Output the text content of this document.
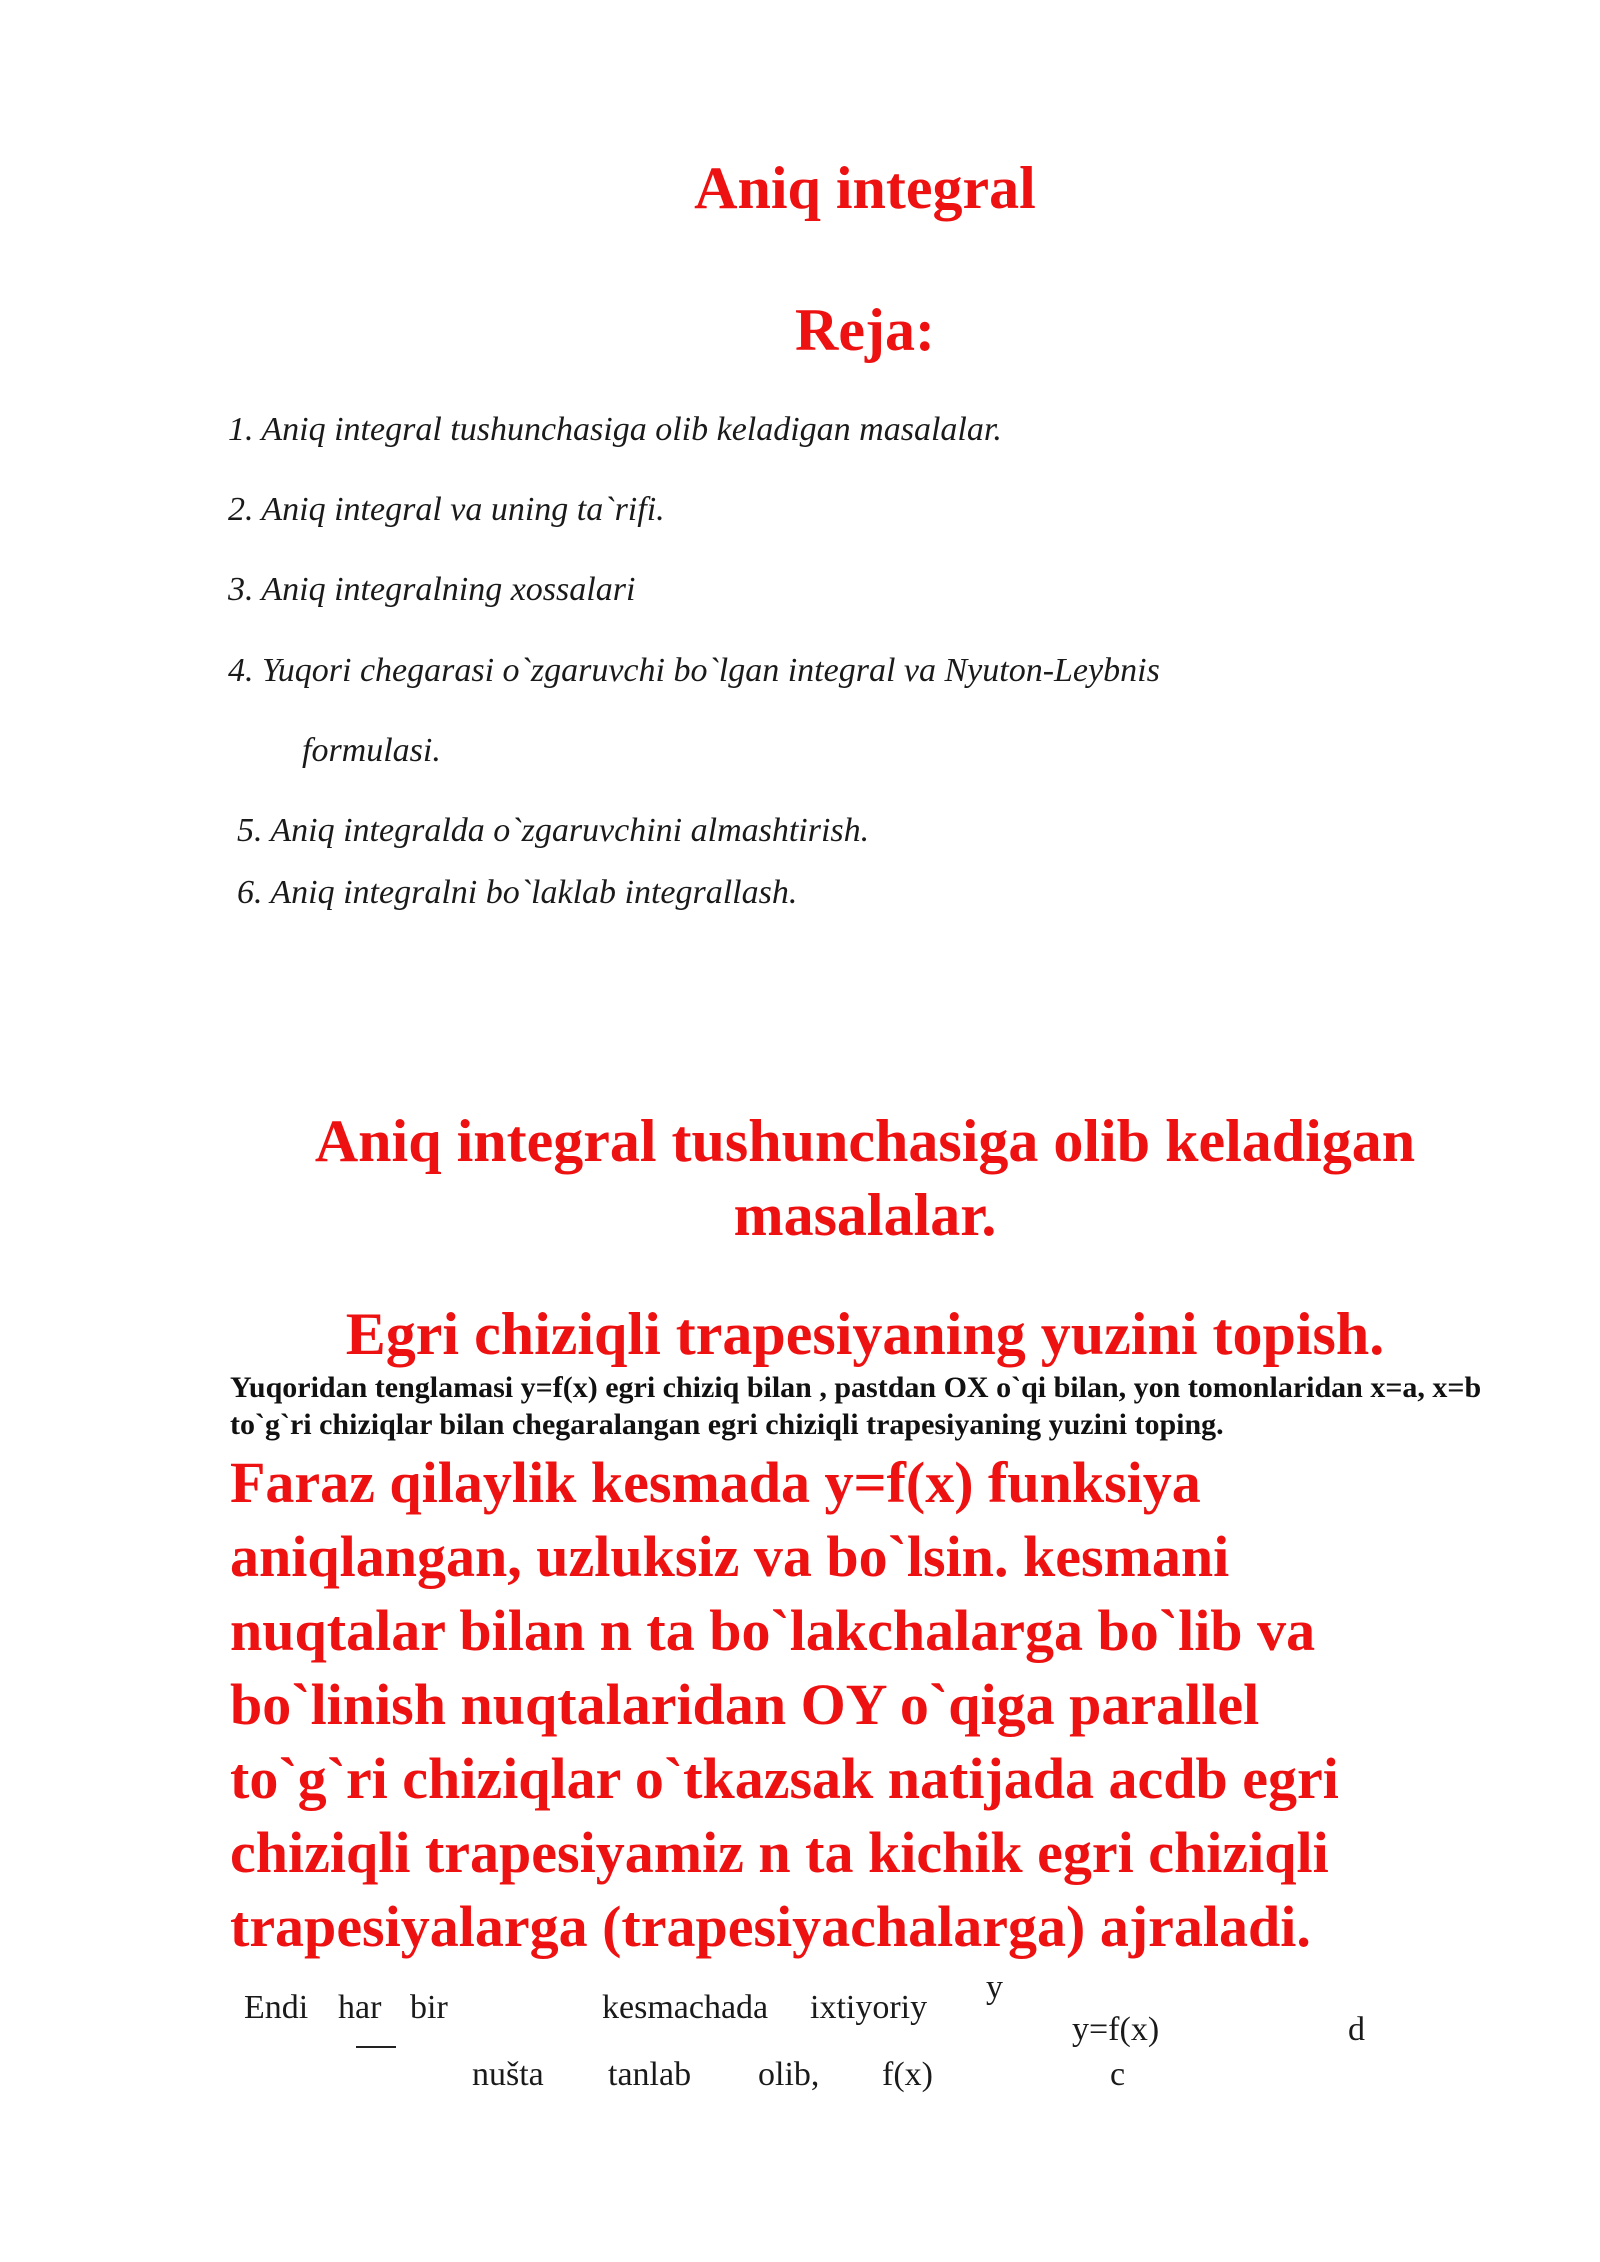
Aniq integral
Reja:
1. Aniq integral tushunchasiga olib keladigan masalalar.
2. Aniq integral va uning ta`rifi.
3. Aniq integralning xossalari
4. Yuqori chegarasi o`zgaruvchi bo`lgan integral va Nyuton-Leybnis
formulasi.
5. Aniq integralda o`zgaruvchini almashtirish.
6. Aniq integralni bo`laklab integrallash.
Aniq integral tushunchasiga olib keladigan
masalalar.
Egri chiziqli trapesiyaning yuzini topish.
Yuqoridan tenglamasi y=f(x) egri chiziq bilan , pastdan OX o`qi bilan, yon tomonlaridan x=a, x=b to`g`ri chiziqlar bilan chegaralangan egri chiziqli trapesiyaning yuzini toping.
Faraz qilaylik kesmada y=f(x) funksiya
aniqlangan, uzluksiz va bo`lsin. kesmani
nuqtalar bilan n ta bo`lakchalarga bo`lib va
bo`linish nuqtalaridan OY o`qiga parallel
to`g`ri chiziqlar o`tkazsak natijada acdb egri
chiziqli trapesiyamiz n ta kichik egri chiziqli
trapesiyalarga (trapesiyachalarga) ajraladi.
Endi har bir	kesmachada ixtiyoriy
y
y=f(x)	d
nušta tanlab olib, f(x)	c
